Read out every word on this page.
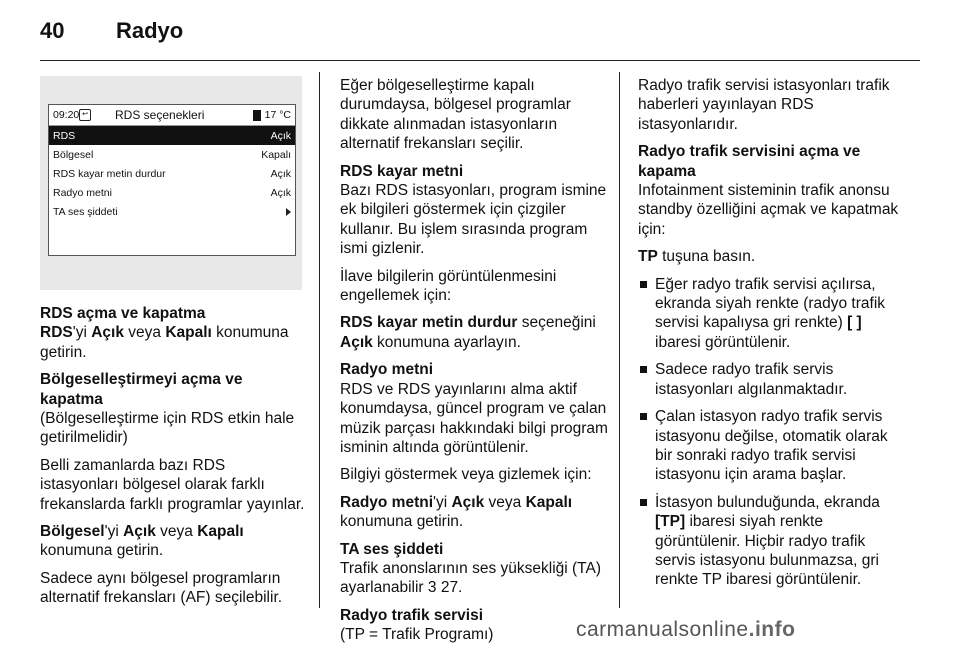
40 Radyo
09:20 ↩ RDS seçenekleri	17 °C
RDS	Açık
Bölgesel	Kapalı
RDS kayar metin durdur	Açık
Radyo metni	Açık
TA ses şiddeti
RDS açma ve kapatma

RDS'yi Açık veya Kapalı konumuna getirin.

Bölgeselleştirmeyi açma ve kapatma

(Bölgeselleştirme için RDS etkin hale getirilmelidir)

Belli zamanlarda bazı RDS istasyonları bölgesel olarak farklı frekanslarda farklı programlar yayınlar.

Bölgesel'yi Açık veya Kapalı konumuna getirin.

Sadece aynı bölgesel programların alternatif frekansları (AF) seçilebilir.

Eğer bölgeselleştirme kapalı durumdaysa, bölgesel programlar dikkate alınmadan istasyonların alternatif frekansları seçilir.

RDS kayar metni

Bazı RDS istasyonları, program ismine ek bilgileri göstermek için çizgiler kullanır. Bu işlem sırasında program ismi gizlenir.

İlave bilgilerin görüntülenmesini engellemek için:

RDS kayar metin durdur seçeneğini Açık konumuna ayarlayın.

Radyo metni

RDS ve RDS yayınlarını alma aktif konumdaysa, güncel program ve çalan müzik parçası hakkındaki bilgi program isminin altında görüntülenir.

Bilgiyi göstermek veya gizlemek için:

Radyo metni'yi Açık veya Kapalı konumuna getirin.

TA ses şiddeti

Trafik anonslarının ses yüksekliği (TA) ayarlanabilir 3 27.

Radyo trafik servisi

(TP = Trafik Programı)

Radyo trafik servisi istasyonları trafik haberleri yayınlayan RDS istasyonlarıdır.

Radyo trafik servisini açma ve kapama

Infotainment sisteminin trafik anonsu standby özelliğini açmak ve kapatmak için:

TP tuşuna basın.

Eğer radyo trafik servisi açılırsa, ekranda siyah renkte (radyo trafik servisi kapalıysa gri renkte) [ ] ibaresi görüntülenir.
Sadece radyo trafik servis istasyonları algılanmaktadır.
Çalan istasyon radyo trafik servis istasyonu değilse, otomatik olarak bir sonraki radyo trafik servisi istasyonu için arama başlar.
İstasyon bulunduğunda, ekranda [TP] ibaresi siyah renkte görüntülenir. Hiçbir radyo trafik servis istasyonu bulunmazsa, gri renkte TP ibaresi görüntülenir.
carmanualsonline.info
